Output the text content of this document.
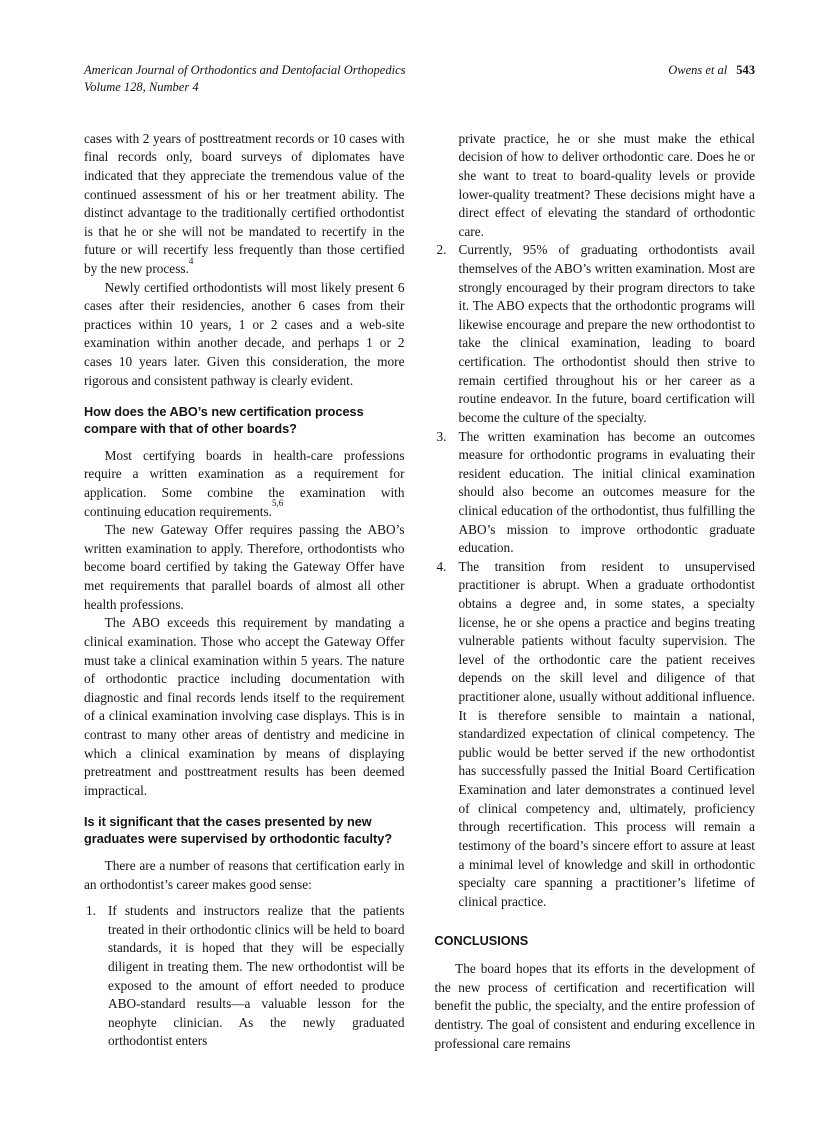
American Journal of Orthodontics and Dentofacial Orthopedics
Volume 128, Number 4
Owens et al 543

cases with 2 years of posttreatment records or 10 cases with final records only, board surveys of diplomates have indicated that they appreciate the tremendous value of the continued assessment of his or her treatment ability. The distinct advantage to the traditionally certified orthodontist is that he or she will not be mandated to recertify in the future or will recertify less frequently than those certified by the new process.$^4$

Newly certified orthodontists will most likely present 6 cases after their residencies, another 6 cases from their practices within 10 years, 1 or 2 cases and a web-site examination within another decade, and perhaps 1 or 2 cases 10 years later. Given this consideration, the more rigorous and consistent pathway is clearly evident.

How does the ABO’s new certification process compare with that of other boards?

Most certifying boards in health-care professions require a written examination as a requirement for application. Some combine the examination with continuing education requirements.$^{5,6}$

The new Gateway Offer requires passing the ABO’s written examination to apply. Therefore, orthodontists who become board certified by taking the Gateway Offer have met requirements that parallel boards of almost all other health professions.

The ABO exceeds this requirement by mandating a clinical examination. Those who accept the Gateway Offer must take a clinical examination within 5 years. The nature of orthodontic practice including documentation with diagnostic and final records lends itself to the requirement of a clinical examination involving case displays. This is in contrast to many other areas of dentistry and medicine in which a clinical examination by means of displaying pretreatment and posttreatment results has been deemed impractical.

Is it significant that the cases presented by new graduates were supervised by orthodontic faculty?

There are a number of reasons that certification early in an orthodontist’s career makes good sense:

1. If students and instructors realize that the patients treated in their orthodontic clinics will be held to board standards, it is hoped that they will be especially diligent in treating them. The new orthodontist will be exposed to the amount of effort needed to produce ABO-standard results—a valuable lesson for the neophyte clinician. As the newly graduated orthodontist enters
private practice, he or she must make the ethical decision of how to deliver orthodontic care. Does he or she want to treat to board-quality levels or provide lower-quality treatment? These decisions might have a direct effect of elevating the standard of orthodontic care.
2. Currently, 95% of graduating orthodontists avail themselves of the ABO’s written examination. Most are strongly encouraged by their program directors to take it. The ABO expects that the orthodontic programs will likewise encourage and prepare the new orthodontist to take the clinical examination, leading to board certification. The orthodontist should then strive to remain certified throughout his or her career as a routine endeavor. In the future, board certification will become the culture of the specialty.
3. The written examination has become an outcomes measure for orthodontic programs in evaluating their resident education. The initial clinical examination should also become an outcomes measure for the clinical education of the orthodontist, thus fulfilling the ABO’s mission to improve orthodontic graduate education.
4. The transition from resident to unsupervised practitioner is abrupt. When a graduate orthodontist obtains a degree and, in some states, a specialty license, he or she opens a practice and begins treating vulnerable patients without faculty supervision. The level of the orthodontic care the patient receives depends on the skill level and diligence of that practitioner alone, usually without additional influence. It is therefore sensible to maintain a national, standardized expectation of clinical competency. The public would be better served if the new orthodontist has successfully passed the Initial Board Certification Examination and later demonstrates a continued level of clinical competency and, ultimately, proficiency through recertification. This process will remain a testimony of the board’s sincere effort to assure at least a minimal level of knowledge and skill in orthodontic specialty care spanning a practitioner’s lifetime of clinical practice.
CONCLUSIONS

The board hopes that its efforts in the development of the new process of certification and recertification will benefit the public, the specialty, and the entire profession of dentistry. The goal of consistent and enduring excellence in professional care remains
